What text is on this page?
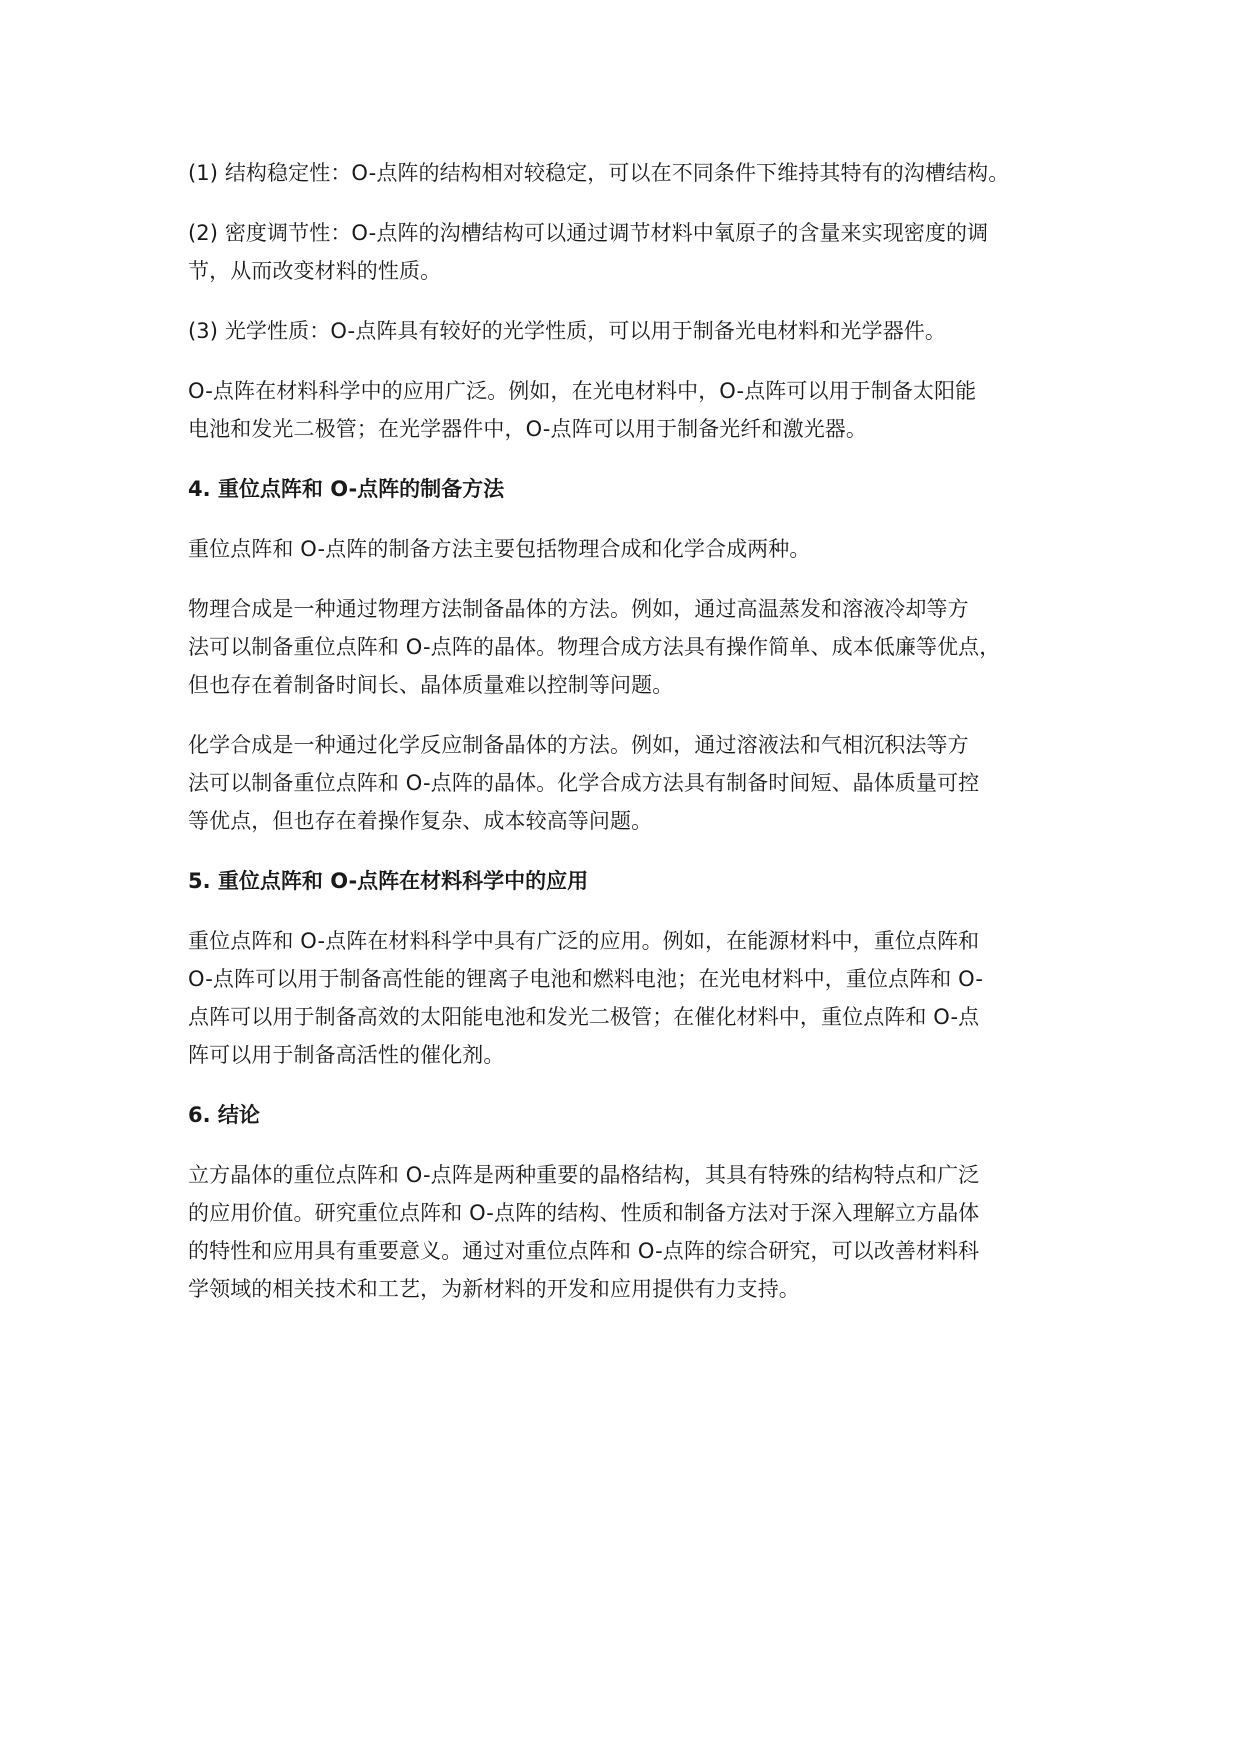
(1) 结构稳定性：O-点阵的结构相对较稳定，可以在不同条件下维持其特有的沟槽结构。

(2) 密度调节性：O-点阵的沟槽结构可以通过调节材料中氧原子的含量来实现密度的调
节，从而改变材料的性质。

(3) 光学性质：O-点阵具有较好的光学性质，可以用于制备光电材料和光学器件。

O-点阵在材料科学中的应用广泛。例如，在光电材料中，O-点阵可以用于制备太阳能
电池和发光二极管；在光学器件中，O-点阵可以用于制备光纤和激光器。

4. 重位点阵和 O-点阵的制备方法

重位点阵和 O-点阵的制备方法主要包括物理合成和化学合成两种。

物理合成是一种通过物理方法制备晶体的方法。例如，通过高温蒸发和溶液冷却等方
法可以制备重位点阵和 O-点阵的晶体。物理合成方法具有操作简单、成本低廉等优点，
但也存在着制备时间长、晶体质量难以控制等问题。

化学合成是一种通过化学反应制备晶体的方法。例如，通过溶液法和气相沉积法等方
法可以制备重位点阵和 O-点阵的晶体。化学合成方法具有制备时间短、晶体质量可控
等优点，但也存在着操作复杂、成本较高等问题。

5. 重位点阵和 O-点阵在材料科学中的应用

重位点阵和 O-点阵在材料科学中具有广泛的应用。例如，在能源材料中，重位点阵和
O-点阵可以用于制备高性能的锂离子电池和燃料电池；在光电材料中，重位点阵和 O-
点阵可以用于制备高效的太阳能电池和发光二极管；在催化材料中，重位点阵和 O-点
阵可以用于制备高活性的催化剂。

6. 结论

立方晶体的重位点阵和 O-点阵是两种重要的晶格结构，其具有特殊的结构特点和广泛
的应用价值。研究重位点阵和 O-点阵的结构、性质和制备方法对于深入理解立方晶体
的特性和应用具有重要意义。通过对重位点阵和 O-点阵的综合研究，可以改善材料科
学领域的相关技术和工艺，为新材料的开发和应用提供有力支持。
